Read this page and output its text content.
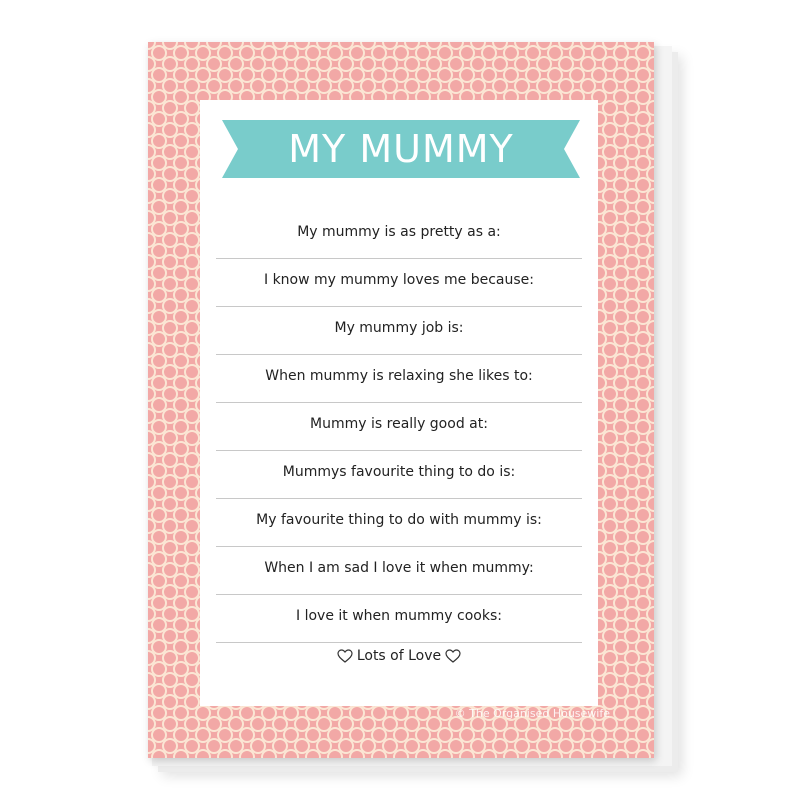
MY MUMMY
My mummy is as pretty as a:
I know my mummy loves me because:
My mummy job is:
When mummy is relaxing she likes to:
Mummy is really good at:
Mummys favourite thing to do is:
My favourite thing to do with mummy is:
When I am sad I love it when mummy:
I love it when mummy cooks:
Lots of Love
© The Organised Housewife
